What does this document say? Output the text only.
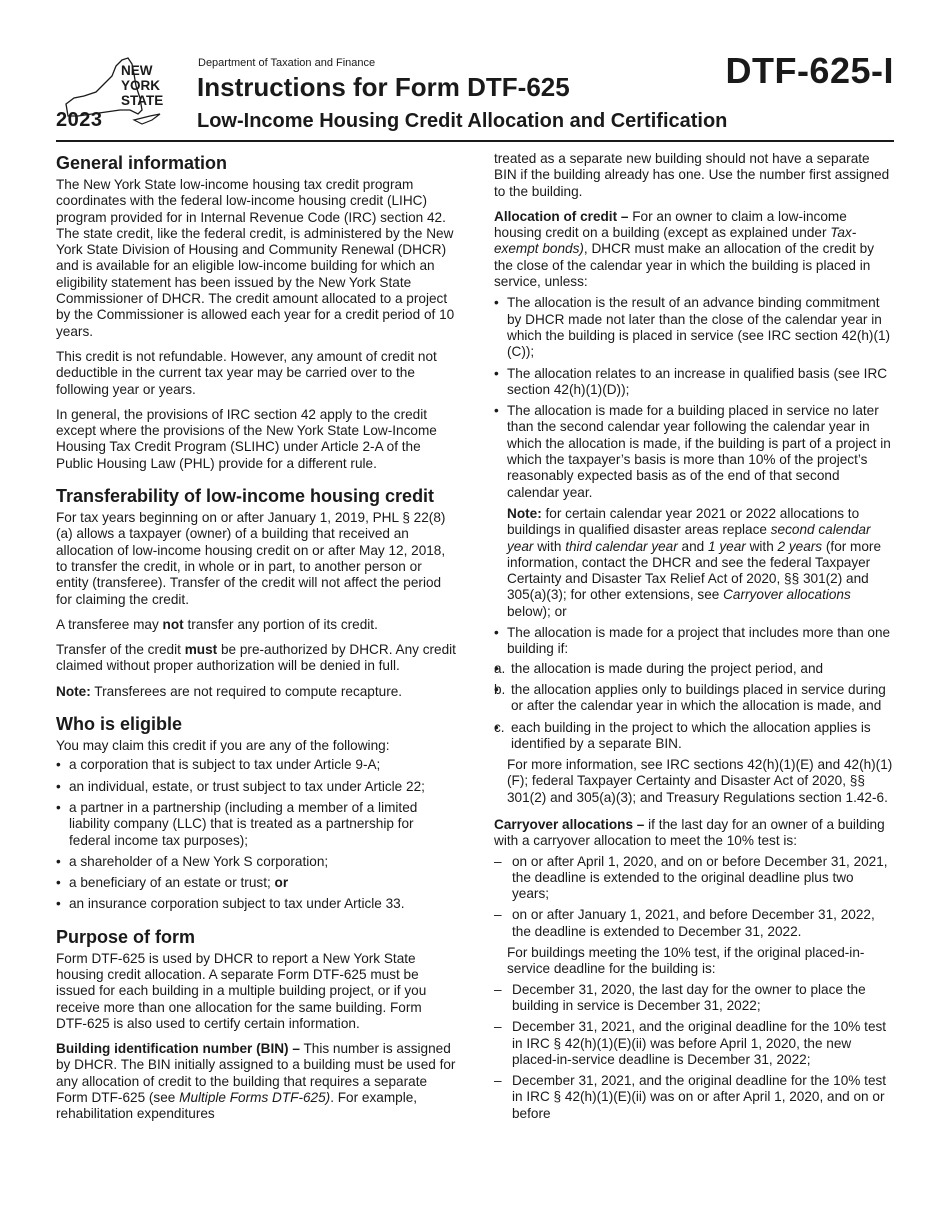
NEW
YORK
STATE
2023
Department of Taxation and Finance
Instructions for Form DTF-625
Low-Income Housing Credit Allocation and Certification
DTF-625-I
General information

The New York State low-income housing tax credit program coordinates with the federal low-income housing credit (LIHC) program provided for in Internal Revenue Code (IRC) section 42. The state credit, like the federal credit, is administered by the New York State Division of Housing and Community Renewal (DHCR) and is available for an eligible low-income building for which an eligibility statement has been issued by the New York State Commissioner of DHCR. The credit amount allocated to a project by the Commissioner is allowed each year for a credit period of 10 years.

This credit is not refundable. However, any amount of credit not deductible in the current tax year may be carried over to the following year or years.

In general, the provisions of IRC section 42 apply to the credit except where the provisions of the New York State Low-Income Housing Tax Credit Program (SLIHC) under Article 2-A of the Public Housing Law (PHL) provide for a different rule.

Transferability of low-income housing credit

For tax years beginning on or after January 1, 2019, PHL § 22(8)(a) allows a taxpayer (owner) of a building that received an allocation of low-income housing credit on or after May 12, 2018, to transfer the credit, in whole or in part, to another person or entity (transferee). Transfer of the credit will not affect the period for claiming the credit.

A transferee may not transfer any portion of its credit.

Transfer of the credit must be pre-authorized by DHCR. Any credit claimed without proper authorization will be denied in full.

Note: Transferees are not required to compute recapture.

Who is eligible

You may claim this credit if you are any of the following:

• a corporation that is subject to tax under Article 9-A;
• an individual, estate, or trust subject to tax under Article 22;
• a partner in a partnership (including a member of a limited liability company (LLC) that is treated as a partnership for federal income tax purposes);
• a shareholder of a New York S corporation;
• a beneficiary of an estate or trust; or
• an insurance corporation subject to tax under Article 33.
Purpose of form

Form DTF-625 is used by DHCR to report a New York State housing credit allocation. A separate Form DTF-625 must be issued for each building in a multiple building project, or if you receive more than one allocation for the same building. Form DTF-625 is also used to certify certain information.

Building identification number (BIN) – This number is assigned by DHCR. The BIN initially assigned to a building must be used for any allocation of credit to the building that requires a separate Form DTF-625 (see Multiple Forms DTF-625). For example, rehabilitation expenditures

treated as a separate new building should not have a separate BIN if the building already has one. Use the number first assigned to the building.

Allocation of credit – For an owner to claim a low-income housing credit on a building (except as explained under Tax-exempt bonds), DHCR must make an allocation of the credit by the close of the calendar year in which the building is placed in service, unless:

• The allocation is the result of an advance binding commitment by DHCR made not later than the close of the calendar year in which the building is placed in service (see IRC section 42(h)(1)(C));
• The allocation relates to an increase in qualified basis (see IRC section 42(h)(1)(D));
• The allocation is made for a building placed in service no later than the second calendar year following the calendar year in which the allocation is made, if the building is part of a project in which the taxpayer’s basis is more than 10% of the project’s reasonably expected basis as of the end of that second calendar year.

Note: for certain calendar year 2021 or 2022 allocations to buildings in qualified disaster areas replace second calendar year with third calendar year and 1 year with 2 years (for more information, contact the DHCR and see the federal Taxpayer Certainty and Disaster Tax Relief Act of 2020, §§ 301(2) and 305(a)(3); for other extensions, see Carryover allocations below); or

• The allocation is made for a project that includes more than one building if:
• a. the allocation is made during the project period, and
• b. the allocation applies only to buildings placed in service during or after the calendar year in which the allocation is made, and
• c. each building in the project to which the allocation applies is identified by a separate BIN.

For more information, see IRC sections 42(h)(1)(E) and 42(h)(1)(F); federal Taxpayer Certainty and Disaster Act of 2020, §§ 301(2) and 305(a)(3); and Treasury Regulations section 1.42-6.

Carryover allocations – if the last day for an owner of a building with a carryover allocation to meet the 10% test is:

– on or after April 1, 2020, and on or before December 31, 2021, the deadline is extended to the original deadline plus two years;
– on or after January 1, 2021, and before December 31, 2022, the deadline is extended to December 31, 2022.

For buildings meeting the 10% test, if the original placed-in-service deadline for the building is:

– December 31, 2020, the last day for the owner to place the building in service is December 31, 2022;
– December 31, 2021, and the original deadline for the 10% test in IRC § 42(h)(1)(E)(ii) was before April 1, 2020, the new placed-in-service deadline is December 31, 2022;
– December 31, 2021, and the original deadline for the 10% test in IRC § 42(h)(1)(E)(ii) was on or after April 1, 2020, and on or before
